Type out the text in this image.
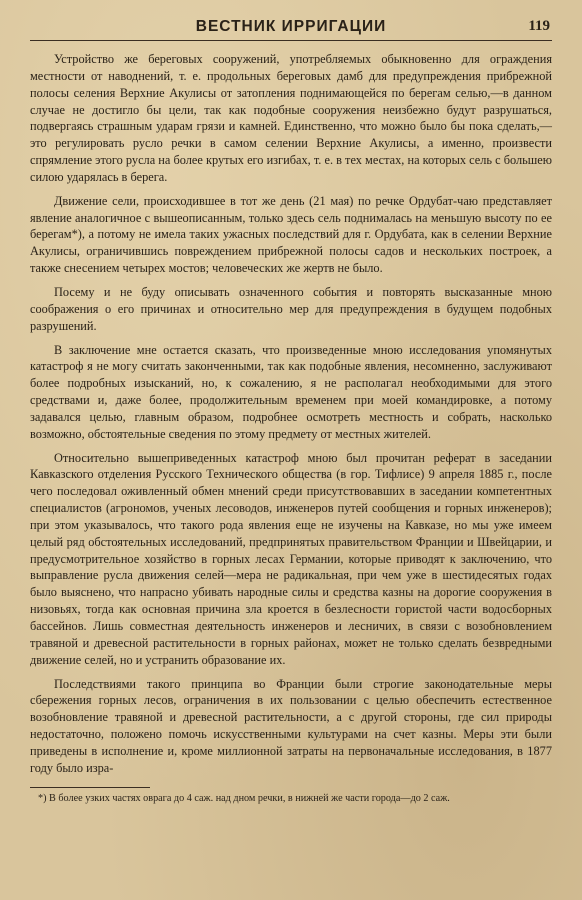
ВЕСТНИК ИРРИГАЦИИ	119

Устройство же береговых сооружений, употребляемых обыкновенно для ограждения местности от наводнений, т. е. продольных береговых дамб для предупреждения прибрежной полосы селения Верхние Акулисы от затопления поднимающейся по берегам селью,—в данном случае не достигло бы цели, так как подобные сооружения неизбежно будут разрушаться, подвергаясь страшным ударам грязи и камней. Единственно, что можно было бы пока сделать,—это регулировать русло речки в самом селении Верхние Акулисы, а именно, произвести спрямление этого русла на более крутых его изгибах, т. е. в тех местах, на которых сель с большею силою ударялась в берега.

Движение сели, происходившее в тот же день (21 мая) по речке Ордубат-чаю представляет явление аналогичное с вышеописанным, только здесь сель поднималась на меньшую высоту по ее берегам*), а потому не имела таких ужасных последствий для г. Ордубата, как в селении Верхние Акулисы, ограничившись повреждением прибрежной полосы садов и нескольких построек, а также снесением четырех мостов; человеческих же жертв не было.

Посему и не буду описывать означенного события и повторять высказанные мною соображения о его причинах и относительно мер для предупреждения в будущем подобных разрушений.

В заключение мне остается сказать, что произведенные мною исследования упомянутых катастроф я не могу считать законченными, так как подобные явления, несомненно, заслуживают более подробных изысканий, но, к сожалению, я не располагал необходимыми для этого средствами и, даже более, продолжительным временем при моей командировке, а потому задавался целью, главным образом, подробнее осмотреть местность и собрать, насколько возможно, обстоятельные сведения по этому предмету от местных жителей.

Относительно вышеприведенных катастроф мною был прочитан реферат в заседании Кавказского отделения Русского Технического общества (в гор. Тифлисе) 9 апреля 1885 г., после чего последовал оживленный обмен мнений среди присутствовавших в заседании компетентных специалистов (агрономов, ученых лесоводов, инженеров путей сообщения и горных инженеров); при этом указывалось, что такого рода явления еще не изучены на Кавказе, но мы уже имеем целый ряд обстоятельных исследований, предпринятых правительством Франции и Швейцарии, и предусмотрительное хозяйство в горных лесах Германии, которые приводят к заключению, что выправление русла движения селей—мера не радикальная, при чем уже в шестидесятых годах было выяснено, что напрасно убивать народные силы и средства казны на дорогие сооружения в низовьях, тогда как основная причина зла кроется в безлесности гористой части водосборных бассейнов. Лишь совместная деятельность инженеров и лесничих, в связи с возобновлением травяной и древесной растительности в горных районах, может не только сделать безвредными движение селей, но и устранить образование их.

Последствиями такого принципа во Франции были строгие законодательные меры сбережения горных лесов, ограничения в их пользовании с целью обеспечить естественное возобновление травяной и древесной растительности, а с другой стороны, где сил природы недостаточно, положено помочь искусственными культурами на счет казны. Меры эти были приведены в исполнение и, кроме миллионной затраты на первоначальные исследования, в 1877 году было изра-

*) В более узких частях оврага до 4 саж. над дном речки, в нижней же части города—до 2 саж.
